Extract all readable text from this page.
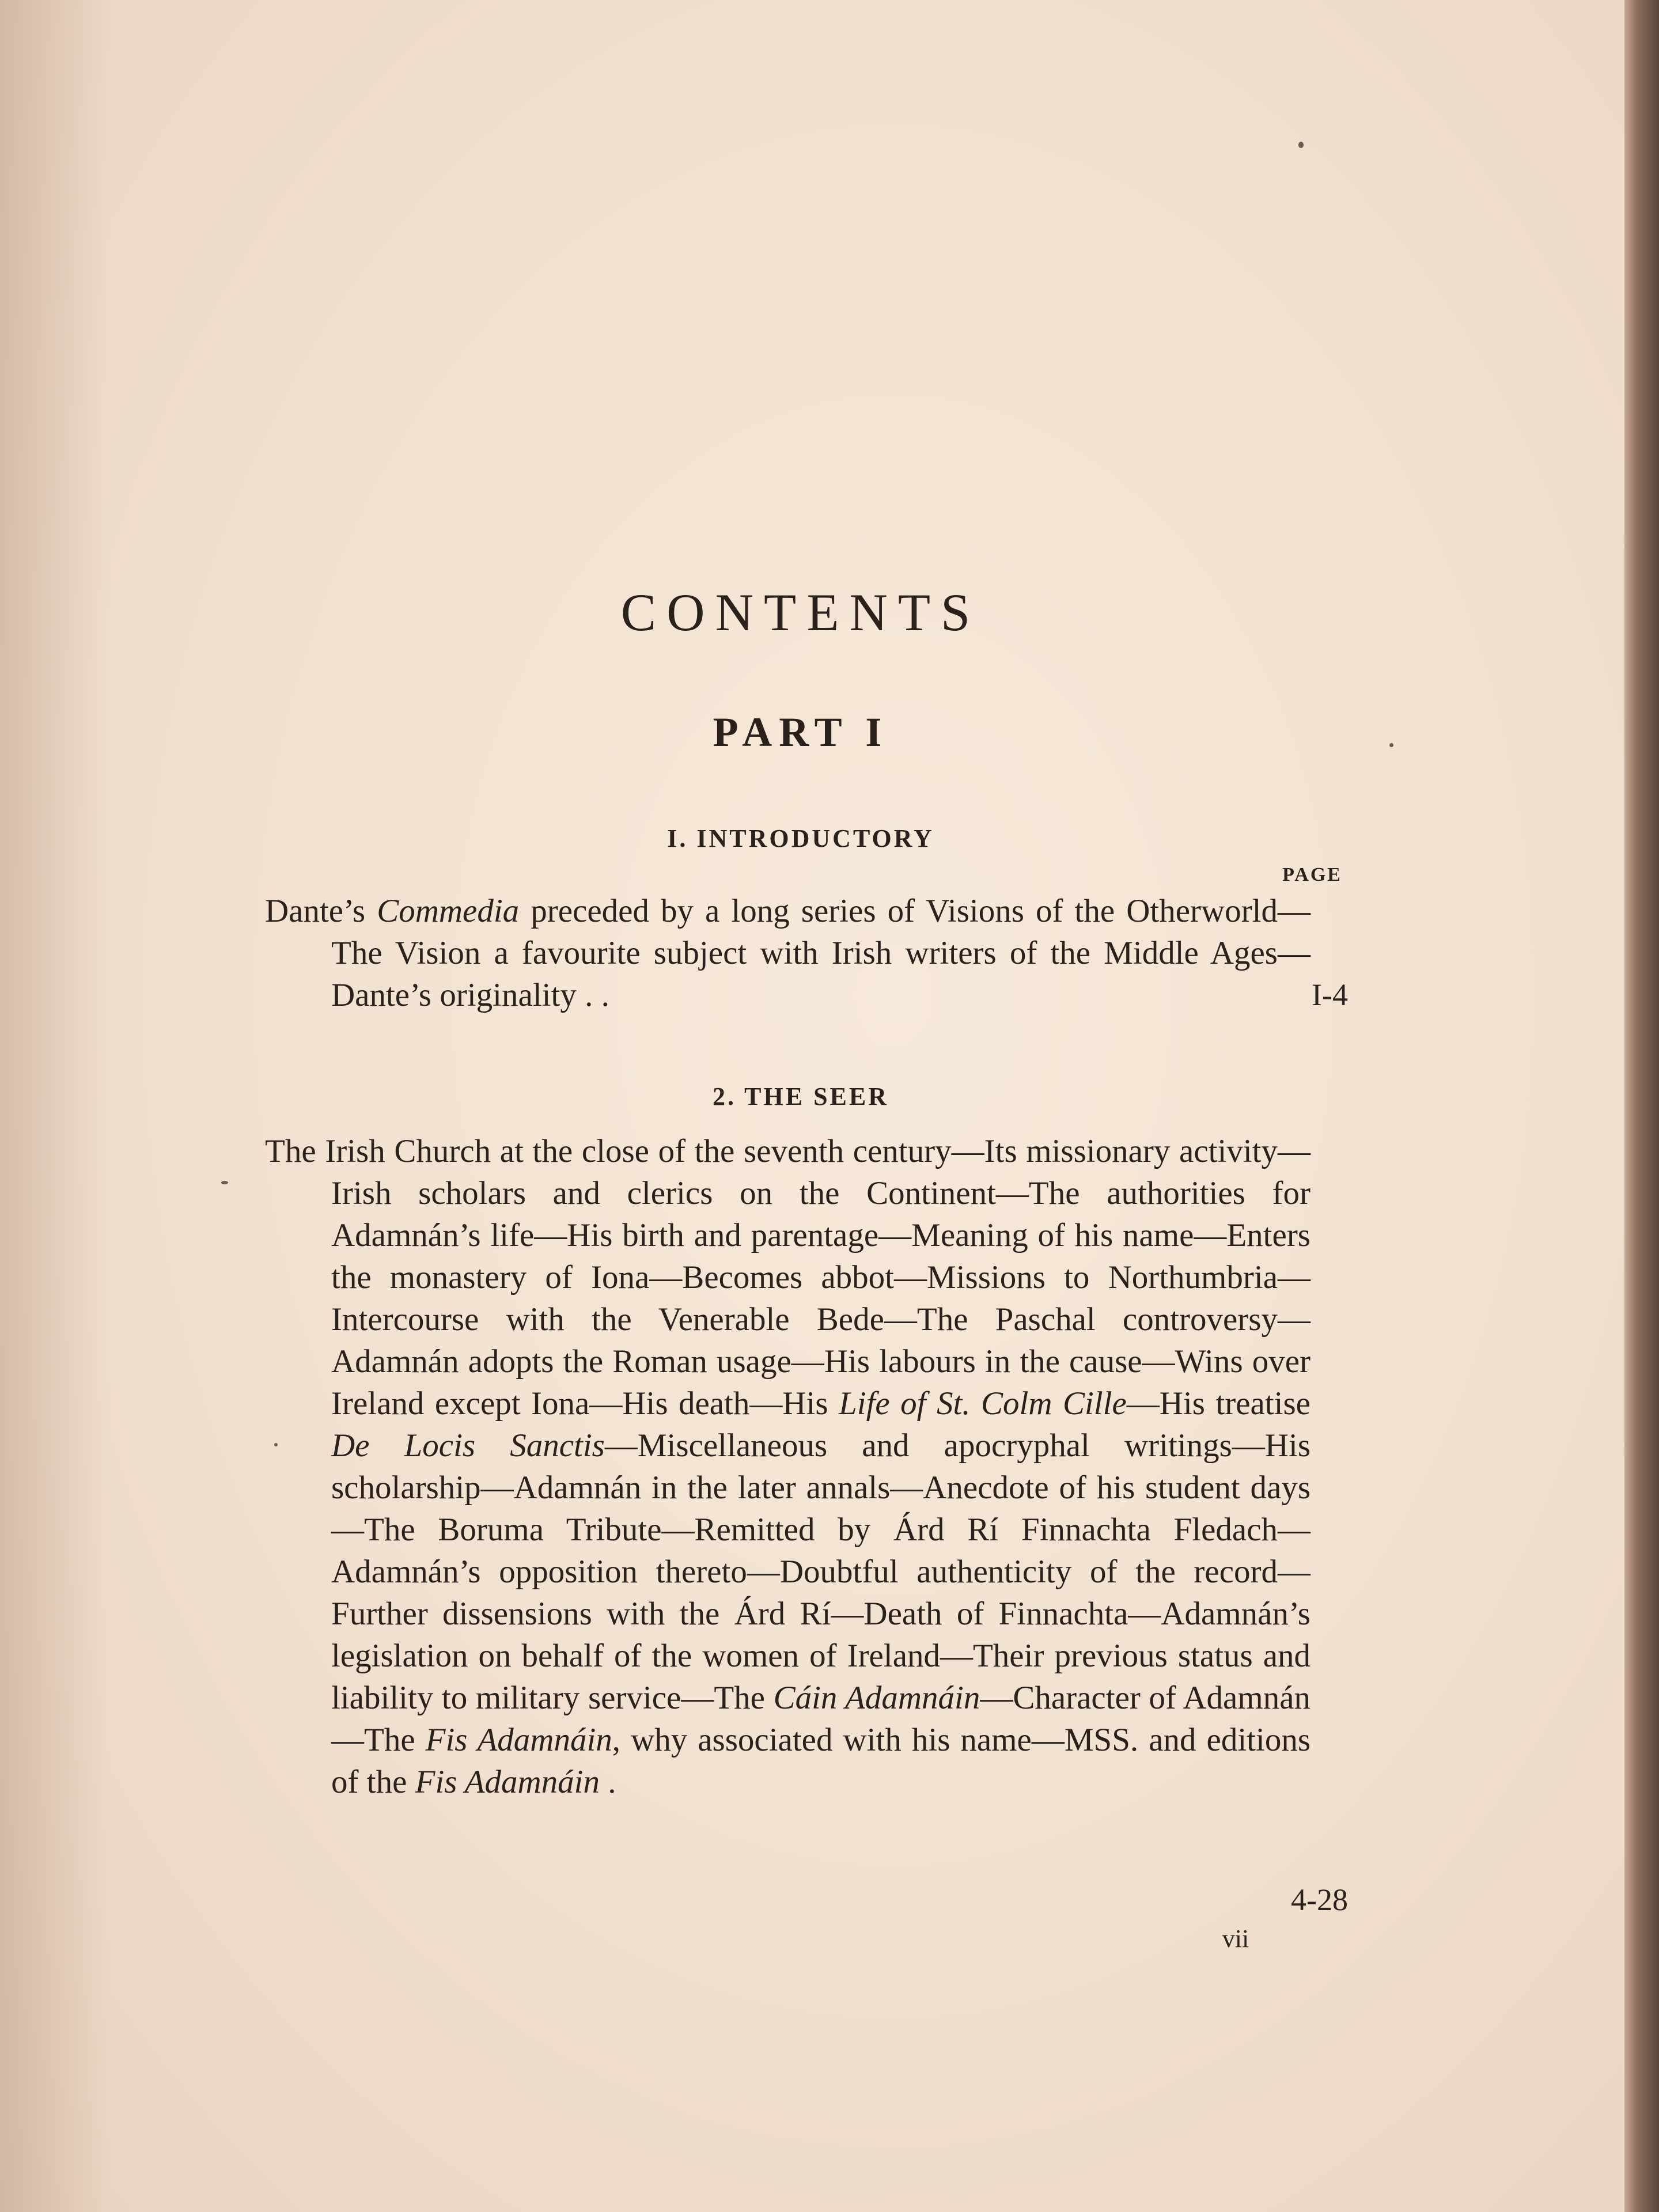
CONTENTS
PART I
I. INTRODUCTORY
PAGE
Dante’s Commedia preceded by a long series of Visions of the Otherworld—The Vision a favourite subject with Irish writers of the Middle Ages—Dante’s originality . .	I-4
2. THE SEER
The Irish Church at the close of the seventh century—Its missionary activity—Irish scholars and clerics on the Continent—The authorities for Adamnán’s life—His birth and parentage—Meaning of his name—Enters the monastery of Iona—Becomes abbot—Missions to Northumbria—Intercourse with the Venerable Bede—The Paschal controversy—Adamnán adopts the Roman usage—His labours in the cause—Wins over Ireland except Iona—His death—His Life of St. Colm Cille—His treatise De Locis Sanctis—Miscellaneous and apocryphal writings—His scholarship—Adamnán in the later annals—Anecdote of his student days—The Boruma Tribute—Remitted by Árd Rí Finnachta Fledach—Adamnán’s opposition thereto—Doubtful authenticity of the record—Further dissensions with the Árd Rí—Death of Finnachta—Adamnán’s legislation on behalf of the women of Ireland—Their previous status and liability to military service—The Cáin Adamnáin—Character of Adamnán—The Fis Adamnáin, why associated with his name—MSS. and editions of the Fis Adamnáin .
4-28
vii
